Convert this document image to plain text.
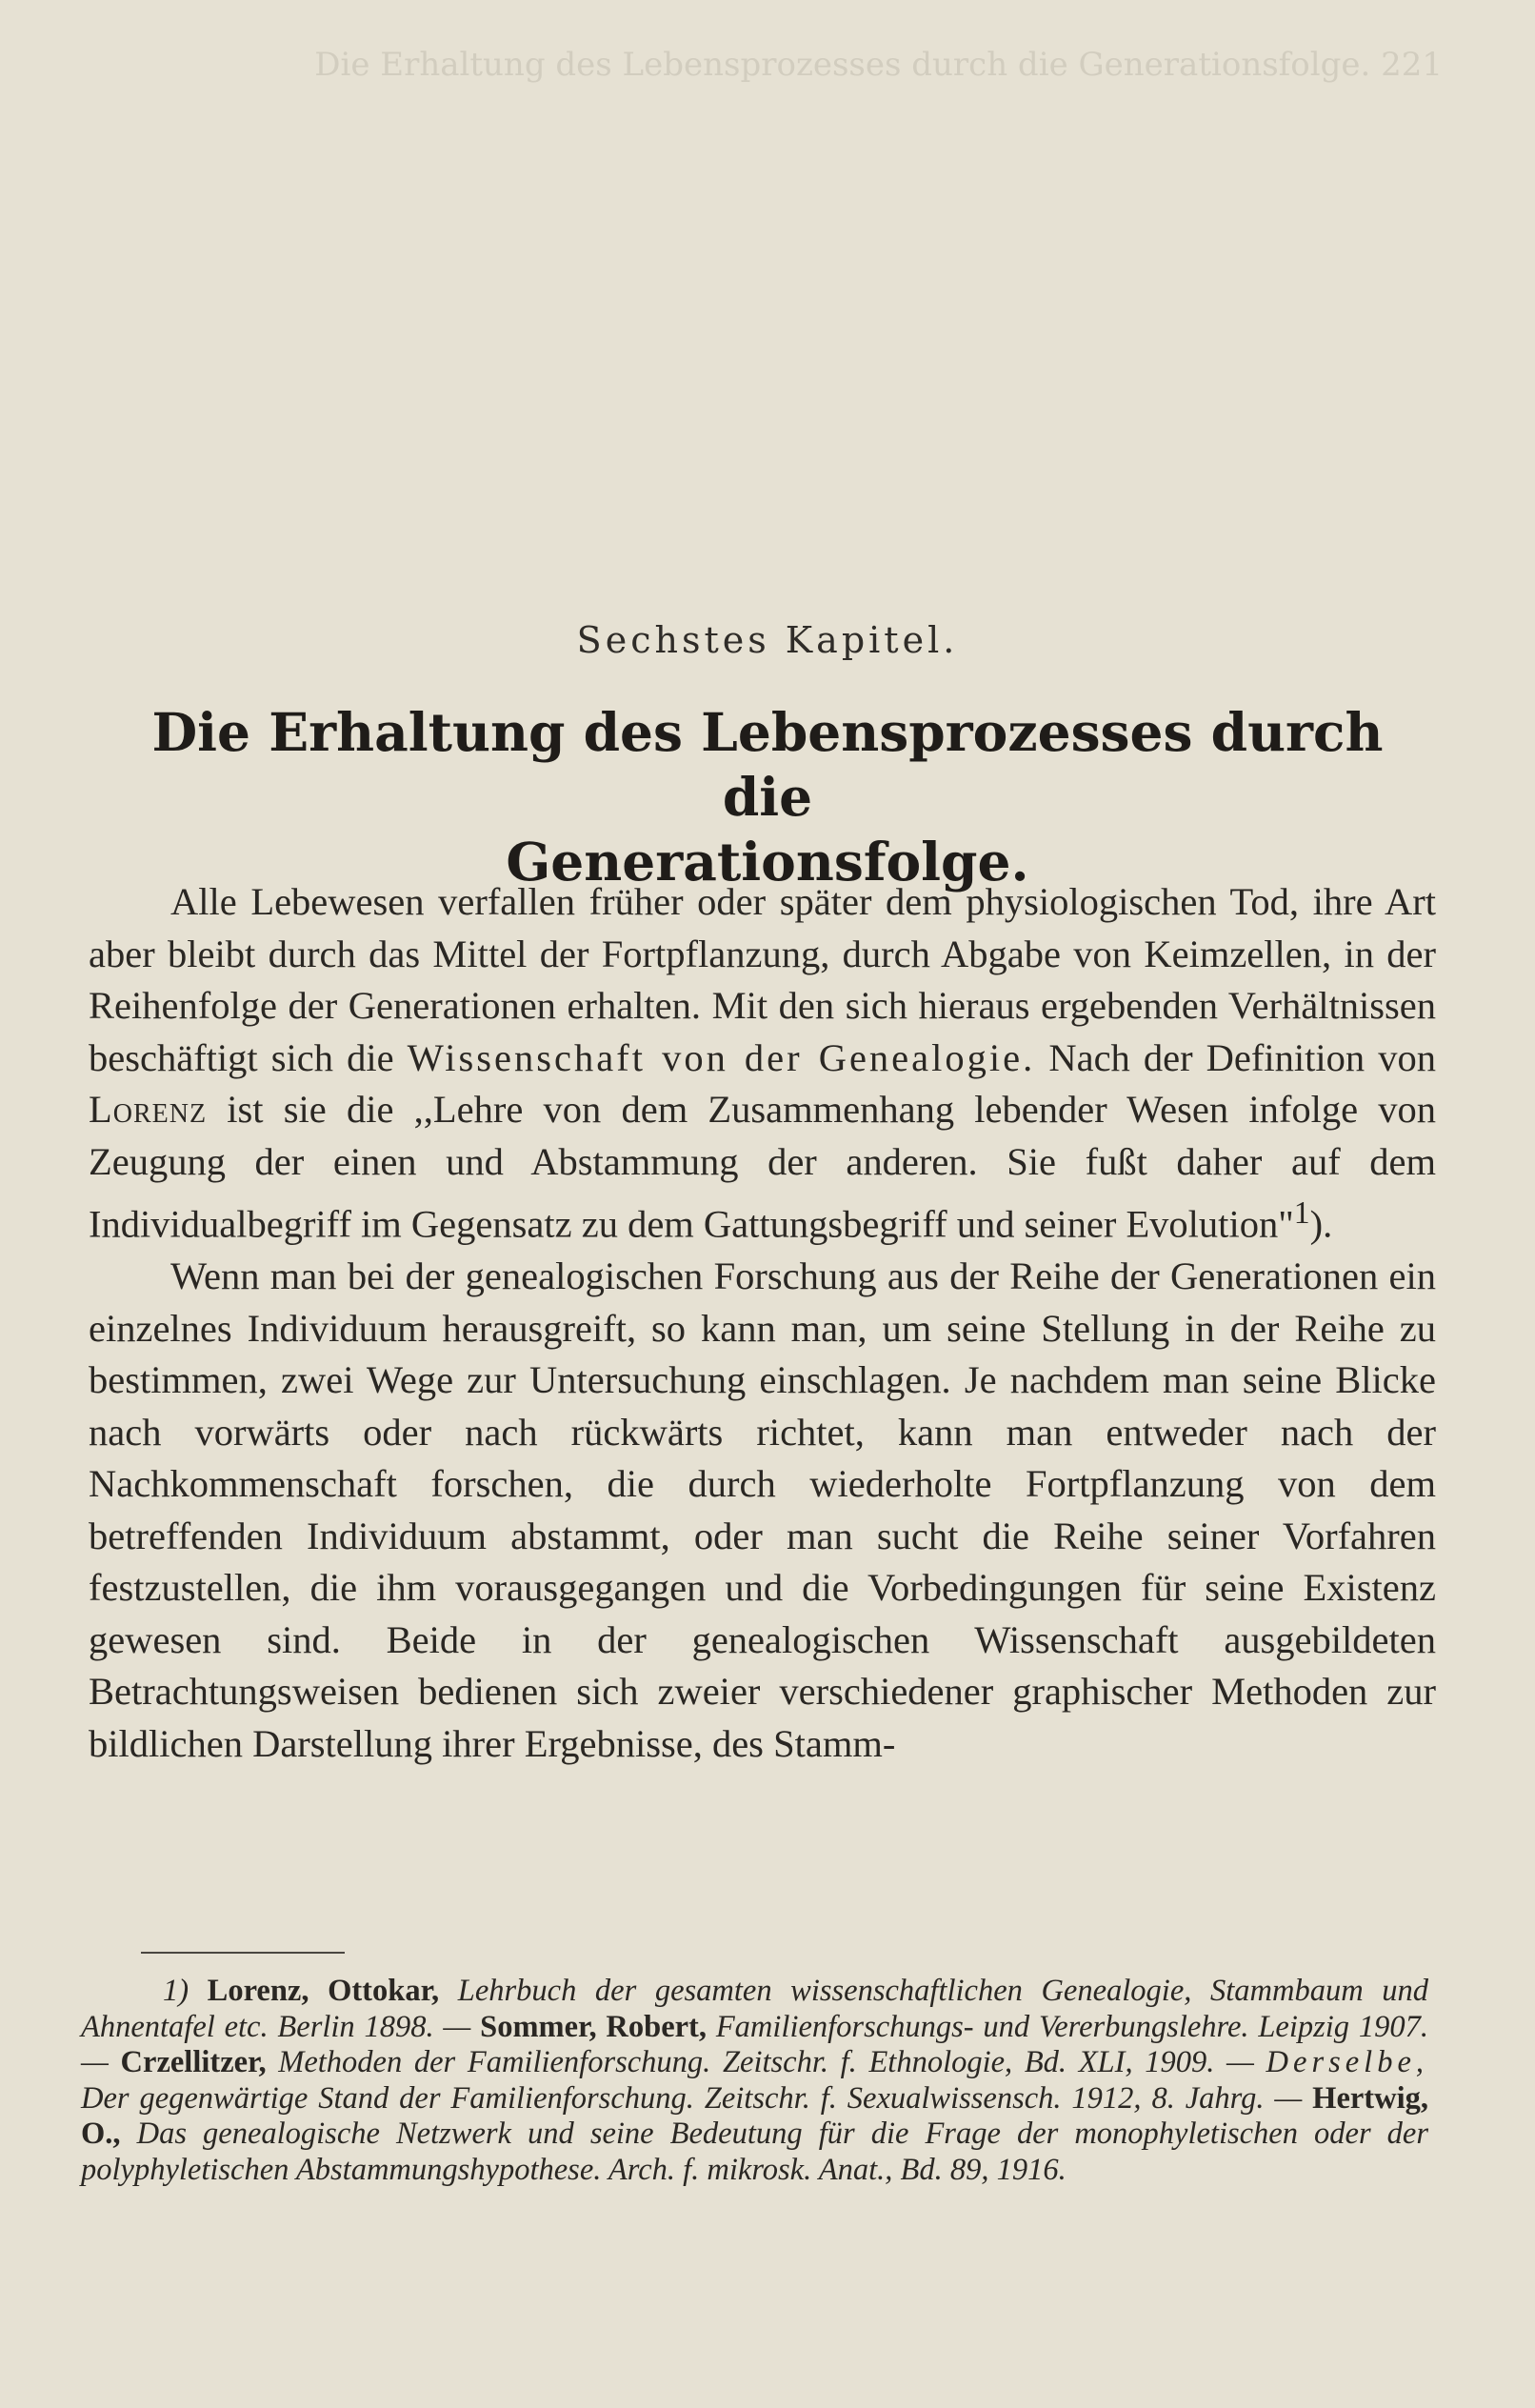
Die Erhaltung des Lebensprozesses durch die Generationsfolge. 221
Sechstes Kapitel.
Die Erhaltung des Lebensprozesses durch die
Generationsfolge.

Alle Lebewesen verfallen früher oder später dem physiologischen Tod, ihre Art aber bleibt durch das Mittel der Fortpflanzung, durch Abgabe von Keimzellen, in der Reihenfolge der Generationen erhalten. Mit den sich hieraus ergebenden Verhältnissen beschäftigt sich die Wissenschaft von der Genealogie. Nach der Definition von Lorenz ist sie die ,,Lehre von dem Zusammenhang lebender Wesen infolge von Zeugung der einen und Abstammung der anderen. Sie fußt daher auf dem Individualbegriff im Gegensatz zu dem Gattungsbegriff und seiner Evolution"$^1$).

Wenn man bei der genealogischen Forschung aus der Reihe der Generationen ein einzelnes Individuum herausgreift, so kann man, um seine Stellung in der Reihe zu bestimmen, zwei Wege zur Untersuchung einschlagen. Je nachdem man seine Blicke nach vorwärts oder nach rückwärts richtet, kann man entweder nach der Nachkommenschaft forschen, die durch wiederholte Fortpflanzung von dem betreffenden Individuum abstammt, oder man sucht die Reihe seiner Vorfahren festzustellen, die ihm vorausgegangen und die Vorbedingungen für seine Existenz gewesen sind. Beide in der genealogischen Wissenschaft ausgebildeten Betrachtungsweisen bedienen sich zweier verschiedener graphischer Methoden zur bildlichen Darstellung ihrer Ergebnisse, des Stamm-

1) Lorenz, Ottokar, Lehrbuch der gesamten wissenschaftlichen Genealogie, Stammbaum und Ahnentafel etc. Berlin 1898. — Sommer, Robert, Familienforschungs- und Vererbungslehre. Leipzig 1907. — Crzellitzer, Methoden der Familienforschung. Zeitschr. f. Ethnologie, Bd. XLI, 1909. — Derselbe, Der gegenwärtige Stand der Familienforschung. Zeitschr. f. Sexualwissensch. 1912, 8. Jahrg. — Hertwig, O., Das genealogische Netzwerk und seine Bedeutung für die Frage der monophyletischen oder der polyphyletischen Abstammungshypothese. Arch. f. mikrosk. Anat., Bd. 89, 1916.
